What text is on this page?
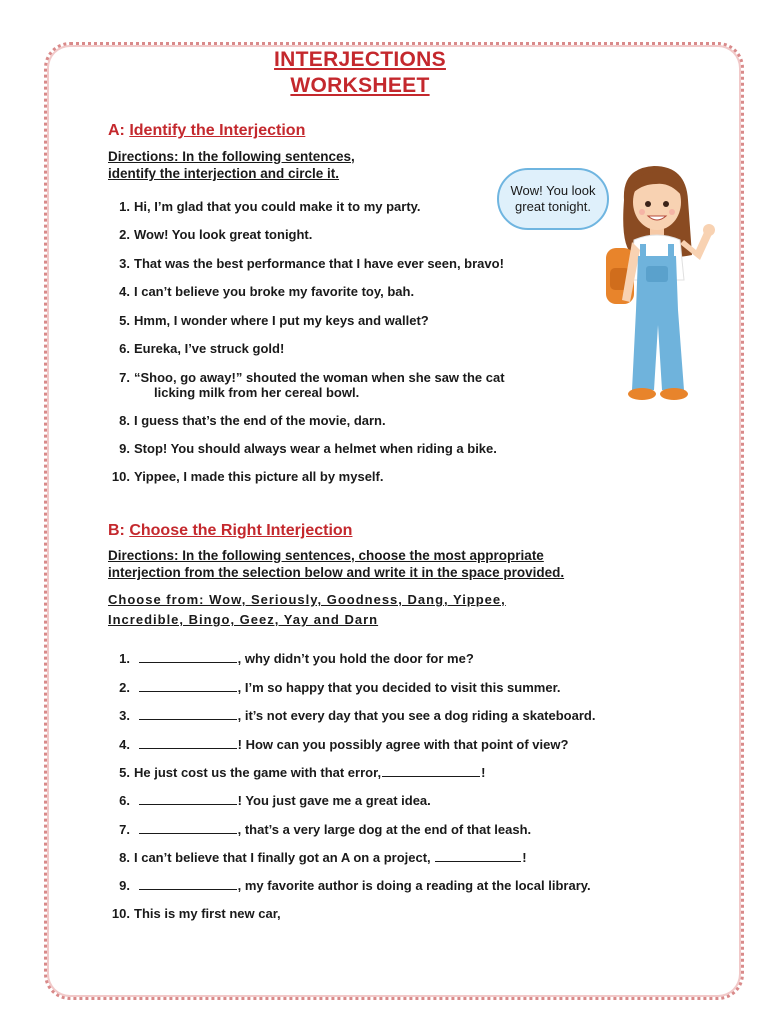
INTERJECTIONS
WORKSHEET
A: Identify the Interjection
Directions: In the following sentences,
identify the interjection and circle it.
1. Hi, I’m glad that you could make it to my party.
2. Wow! You look great tonight.
3. That was the best performance that I have ever seen, bravo!
4. I can’t believe you broke my favorite toy, bah.
5. Hmm, I wonder where I put my keys and wallet?
6. Eureka, I’ve struck gold!
7. “Shoo, go away!” shouted the woman when she saw the cat
licking milk from her cereal bowl.
8. I guess that’s the end of the movie, darn.
9. Stop! You should always wear a helmet when riding a bike.
10. Yippee, I made this picture all by myself.
Wow! You look
great tonight.
B: Choose the Right Interjection
Directions: In the following sentences, choose the most appropriate
interjection from the selection below and write it in the space provided.
Choose from: Wow, Seriously, Goodness, Dang, Yippee,
Incredible, Bingo, Geez, Yay and Darn
1.	, why didn’t you hold the door for me?
2.	, I’m so happy that you decided to visit this summer.
3.	, it’s not every day that you see a dog riding a skateboard.
4.	! How can you possibly agree with that point of view?
5. He just cost us the game with that error,	!
6.	! You just gave me a great idea.
7.	, that’s a very large dog at the end of that leash.
8. I can’t believe that I finally got an A on a project,	!
9.	, my favorite author is doing a reading at the local library.
10. This is my first new car,
